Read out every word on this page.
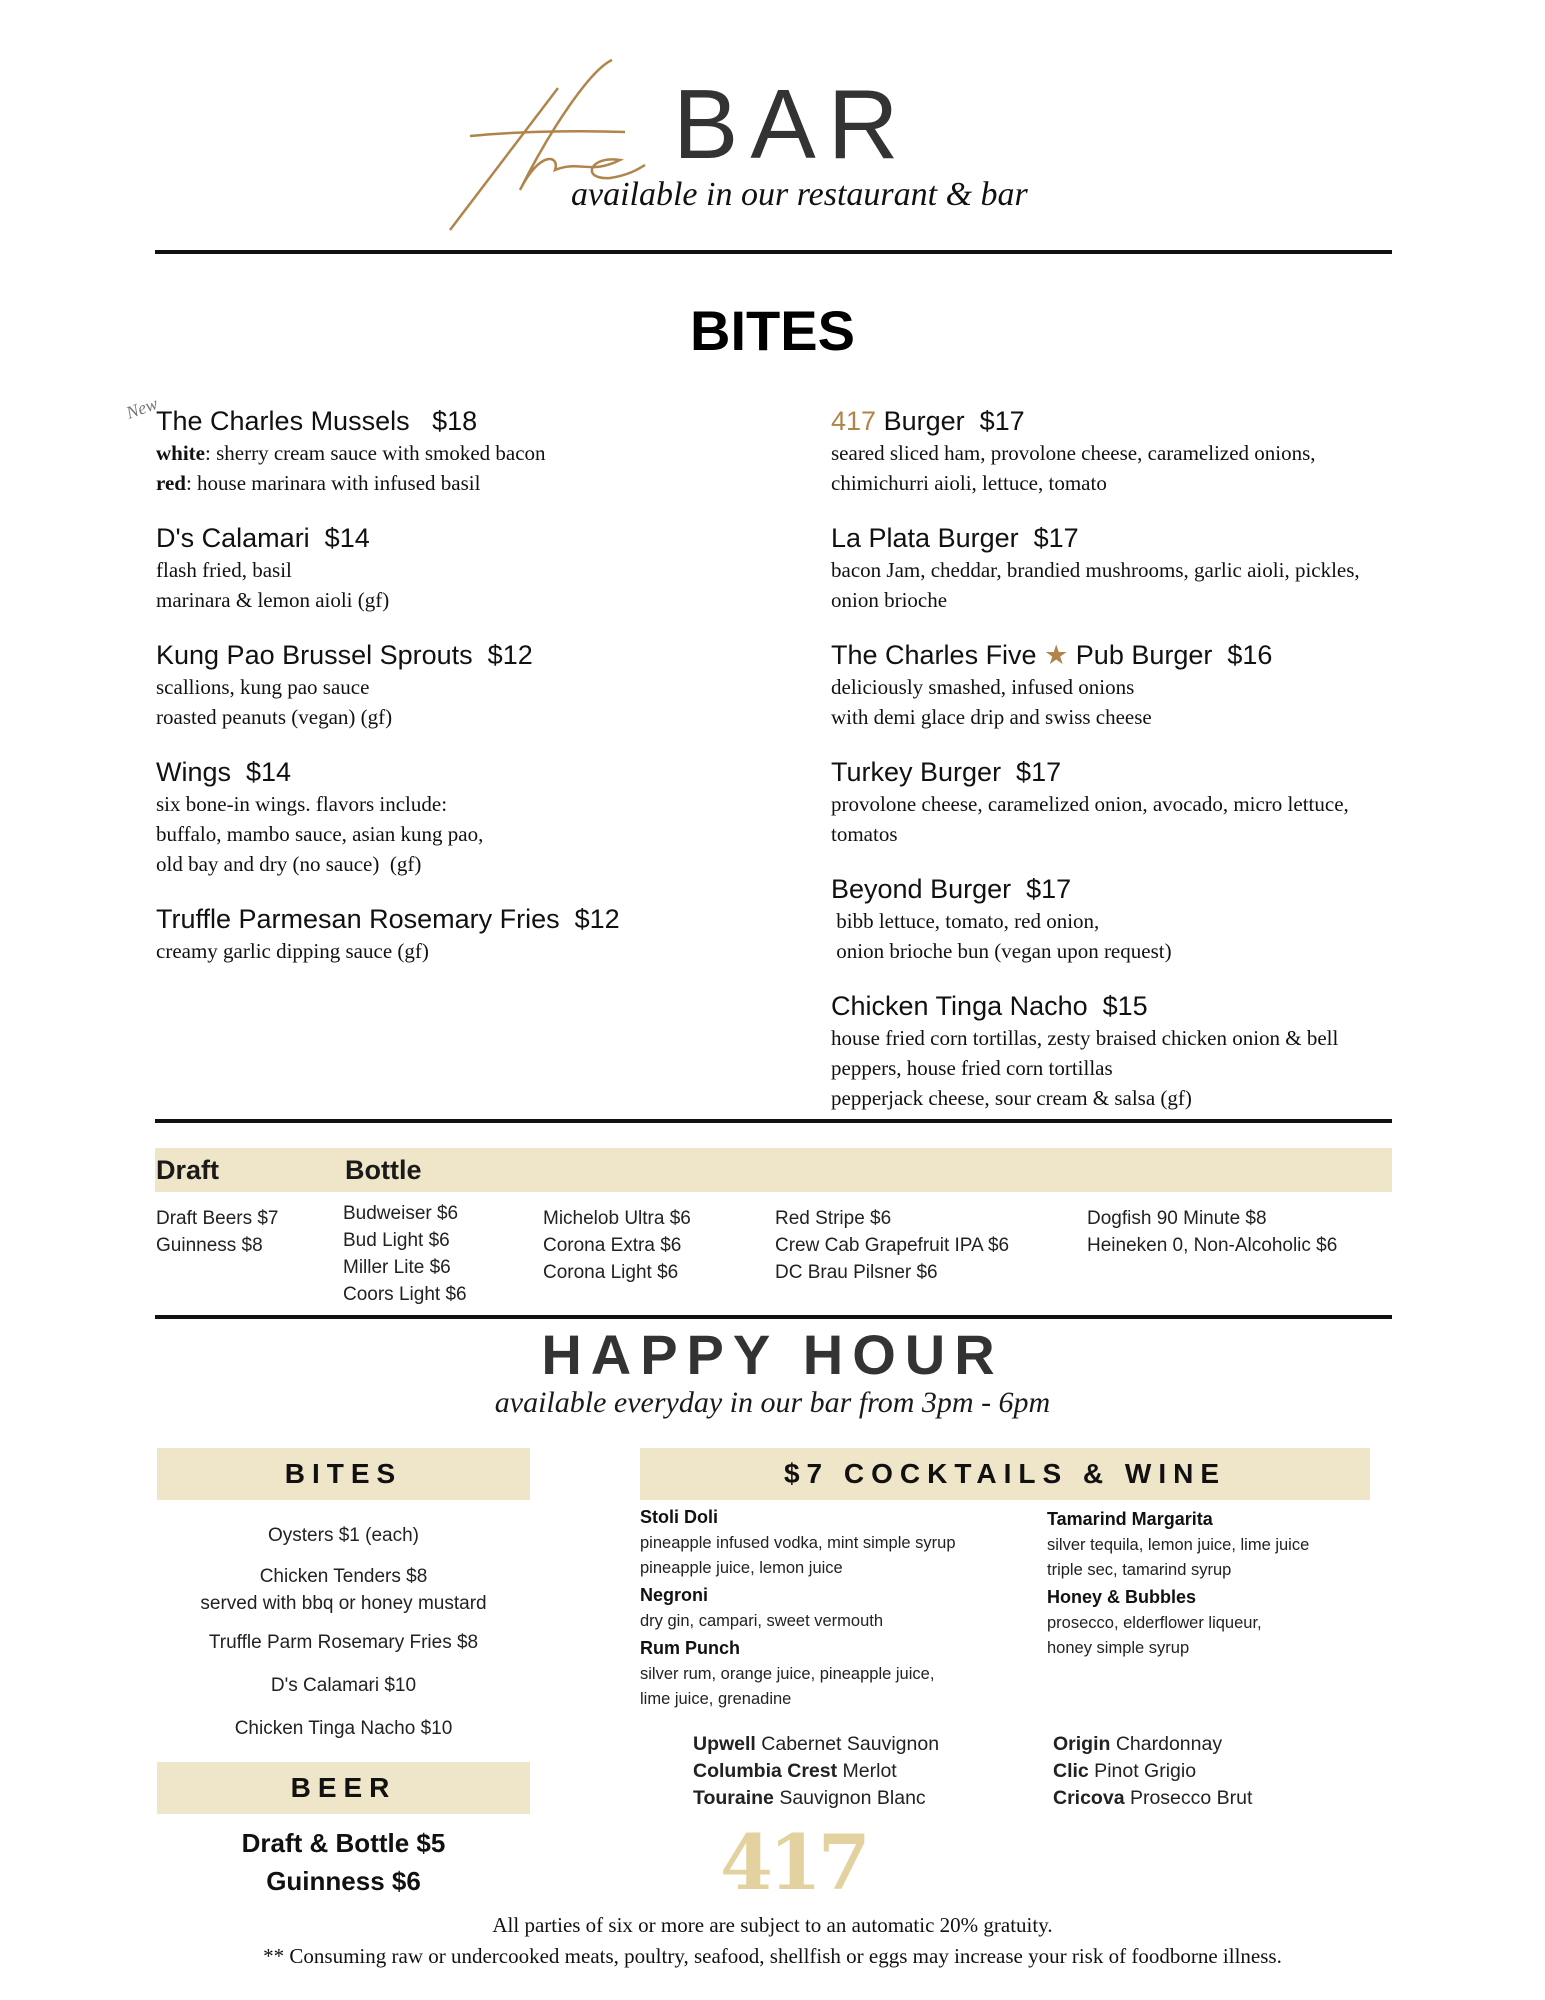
BAR
available in our restaurant & bar
BITES
New
The Charles Mussels   $18
white: sherry cream sauce with smoked bacon
red: house marinara with infused basil
D's Calamari  $14
flash fried, basil
marinara & lemon aioli (gf)
Kung Pao Brussel Sprouts  $12
scallions, kung pao sauce
roasted peanuts (vegan) (gf)
Wings  $14
six bone-in wings. flavors include:
buffalo, mambo sauce, asian kung pao,
old bay and dry (no sauce)  (gf)
Truffle Parmesan Rosemary Fries  $12
creamy garlic dipping sauce (gf)
417 Burger  $17
seared sliced ham, provolone cheese, caramelized onions,
chimichurri aioli, lettuce, tomato
La Plata Burger  $17
bacon Jam, cheddar, brandied mushrooms, garlic aioli, pickles,
onion brioche
The Charles Five ★ Pub Burger  $16
deliciously smashed, infused onions
with demi glace drip and swiss cheese
Turkey Burger  $17
provolone cheese, caramelized onion, avocado, micro lettuce,
tomatos
Beyond Burger  $17
bibb lettuce, tomato, red onion,
onion brioche bun (vegan upon request)
Chicken Tinga Nacho  $15
house fried corn tortillas, zesty braised chicken onion & bell
peppers, house fried corn tortillas
pepperjack cheese, sour cream & salsa (gf)
Draft	Bottle
Draft Beers $7
Guinness $8
Budweiser $6
Bud Light $6
Miller Lite $6
Coors Light $6
Michelob Ultra $6
Corona Extra $6
Corona Light $6
Red Stripe $6
Crew Cab Grapefruit IPA $6
DC Brau Pilsner $6
Dogfish 90 Minute $8
Heineken 0, Non-Alcoholic $6
HAPPY HOUR
available everyday in our bar from 3pm - 6pm
BITES
Oysters $1 (each)
Chicken Tenders $8
served with bbq or honey mustard
Truffle Parm Rosemary Fries $8
D's Calamari $10
Chicken Tinga Nacho $10
BEER
Draft & Bottle $5
Guinness $6
$7 COCKTAILS & WINE
Stoli Doli
pineapple infused vodka, mint simple syrup
pineapple juice, lemon juice
Negroni
dry gin, campari, sweet vermouth
Rum Punch
silver rum, orange juice, pineapple juice,
lime juice, grenadine
Tamarind Margarita
silver tequila, lemon juice, lime juice
triple sec, tamarind syrup
Honey & Bubbles
prosecco, elderflower liqueur,
honey simple syrup
Upwell Cabernet Sauvignon
Columbia Crest Merlot
Touraine Sauvignon Blanc
Origin Chardonnay
Clic Pinot Grigio
Cricova Prosecco Brut
417
All parties of six or more are subject to an automatic 20% gratuity.
** Consuming raw or undercooked meats, poultry, seafood, shellfish or eggs may increase your risk of foodborne illness.
